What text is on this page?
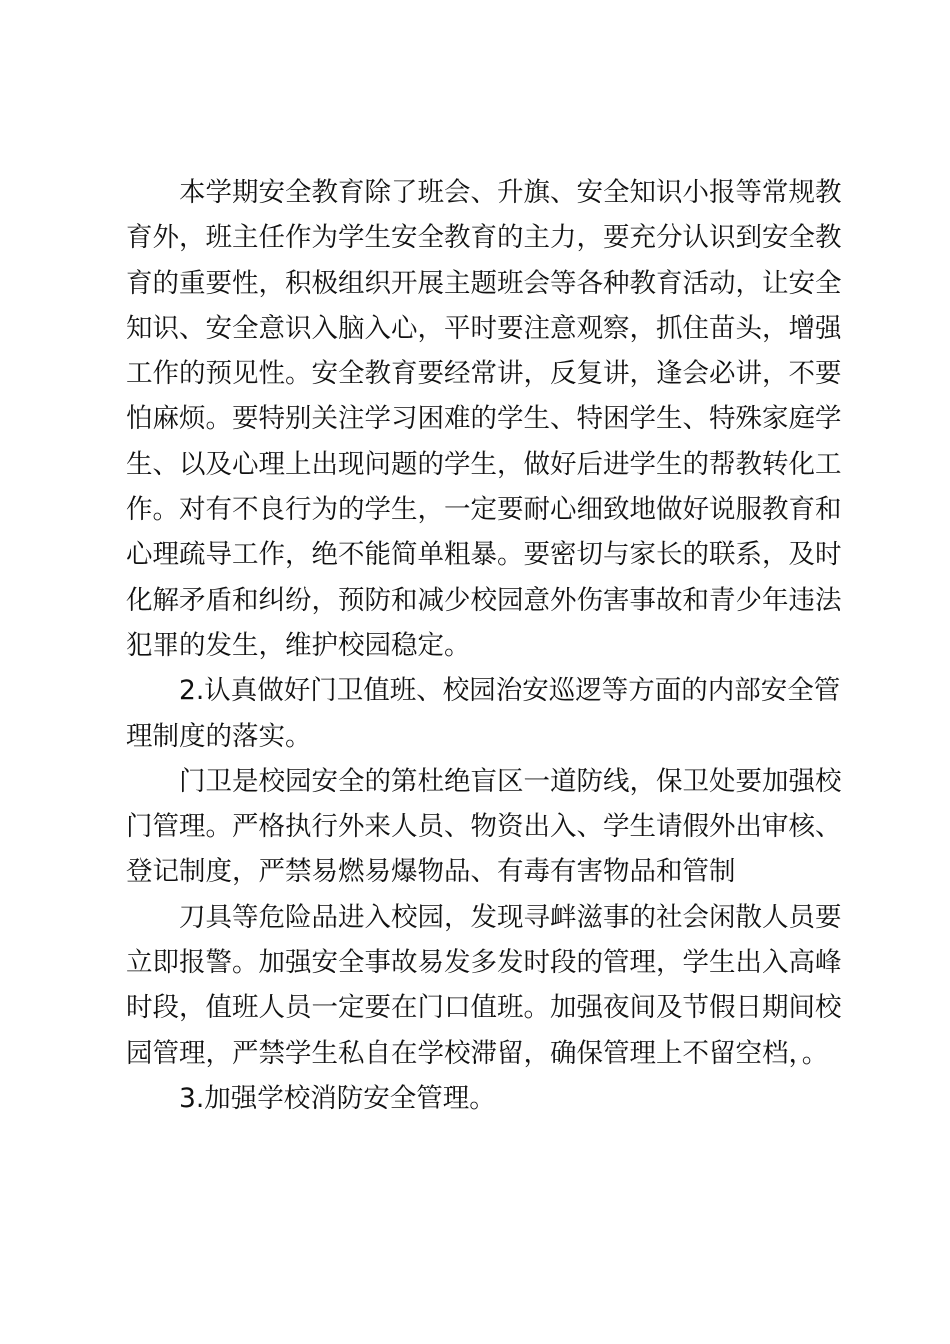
本学期安全教育除了班会、升旗、安全知识小报等常规教
育外，班主任作为学生安全教育的主力，要充分认识到安全教
育的重要性，积极组织开展主题班会等各种教育活动，让安全
知识、安全意识入脑入心，平时要注意观察，抓住苗头，增强
工作的预见性。安全教育要经常讲，反复讲，逢会必讲，不要
怕麻烦。要特别关注学习困难的学生、特困学生、特殊家庭学
生、以及心理上出现问题的学生，做好后进学生的帮教转化工
作。对有不良行为的学生，一定要耐心细致地做好说服教育和
心理疏导工作，绝不能简单粗暴。要密切与家长的联系，及时
化解矛盾和纠纷，预防和减少校园意外伤害事故和青少年违法
犯罪的发生，维护校园稳定。
2.认真做好门卫值班、校园治安巡逻等方面的内部安全管
理制度的落实。
门卫是校园安全的第杜绝盲区一道防线，保卫处要加强校
门管理。严格执行外来人员、物资出入、学生请假外出审核、
登记制度，严禁易燃易爆物品、有毒有害物品和管制
刀具等危险品进入校园，发现寻衅滋事的社会闲散人员要
立即报警。加强安全事故易发多发时段的管理，学生出入高峰
时段，值班人员一定要在门口值班。加强夜间及节假日期间校
园管理，严禁学生私自在学校滞留，确保管理上不留空档，。
3.加强学校消防安全管理。
